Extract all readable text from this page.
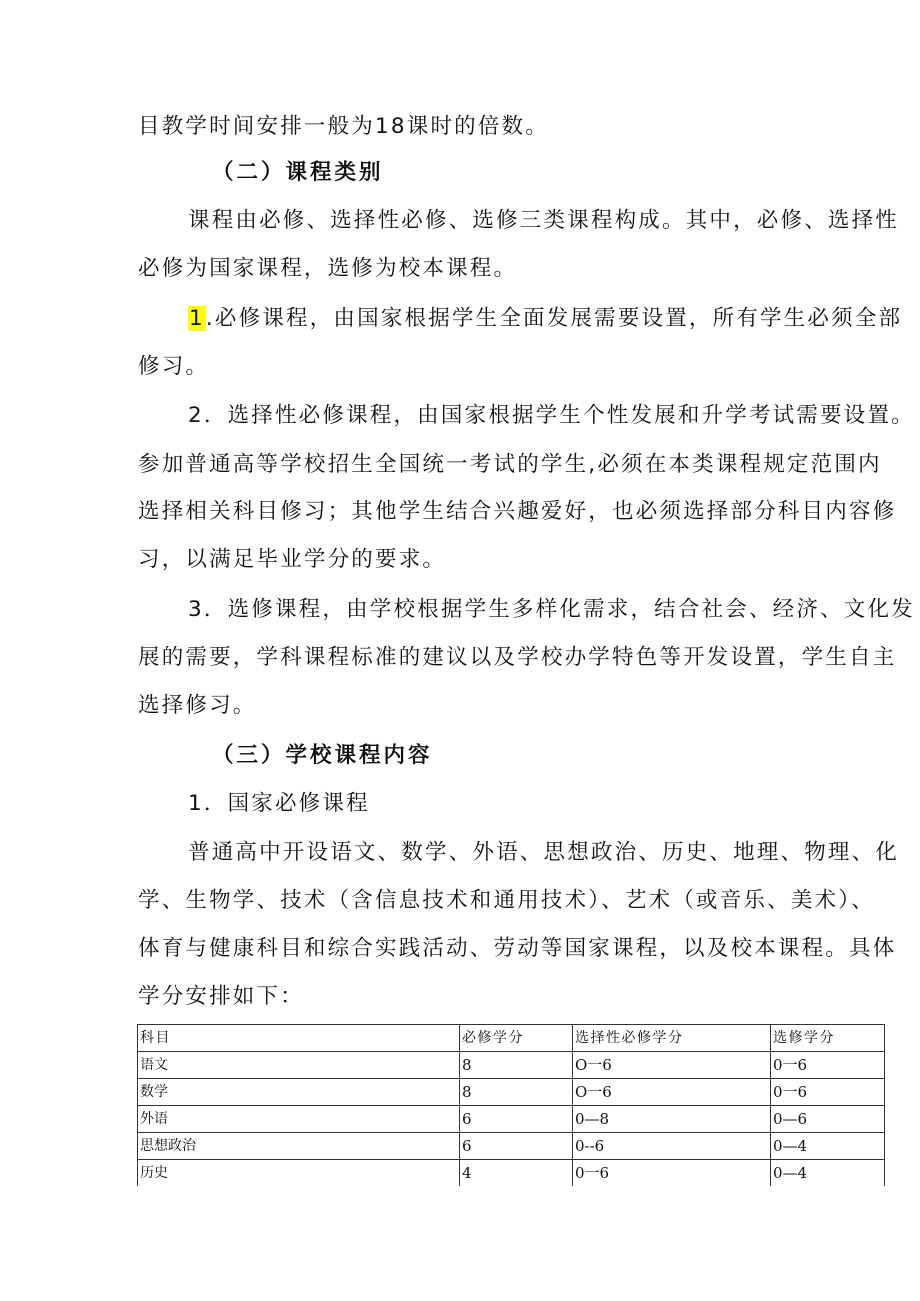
目教学时间安排一般为18课时的倍数。
（二）课程类别
课程由必修、选择性必修、选修三类课程构成。其中，必修、选择性
必修为国家课程，选修为校本课程。
1.必修课程，由国家根据学生全面发展需要设置，所有学生必须全部
修习。
2．选择性必修课程，由国家根据学生个性发展和升学考试需要设置。
参加普通高等学校招生全国统一考试的学生,必须在本类课程规定范围内
选择相关科目修习；其他学生结合兴趣爱好，也必须选择部分科目内容修
习，以满足毕业学分的要求。
3．选修课程，由学校根据学生多样化需求，结合社会、经济、文化发
展的需要，学科课程标准的建议以及学校办学特色等开发设置，学生自主
选择修习。
（三）学校课程内容
1．国家必修课程
普通高中开设语文、数学、外语、思想政治、历史、地理、物理、化
学、生物学、技术（含信息技术和通用技术）、艺术（或音乐、美术）、
体育与健康科目和综合实践活动、劳动等国家课程，以及校本课程。具体
学分安排如下：
科目	必修学分	选择性必修学分	选修学分
语文	8	O一6	0一6
数学	8	O一6	0一6
外语	6	0—8	0—6
思想政治	6	0--6	0—4
历史	4	0一6	0—4
